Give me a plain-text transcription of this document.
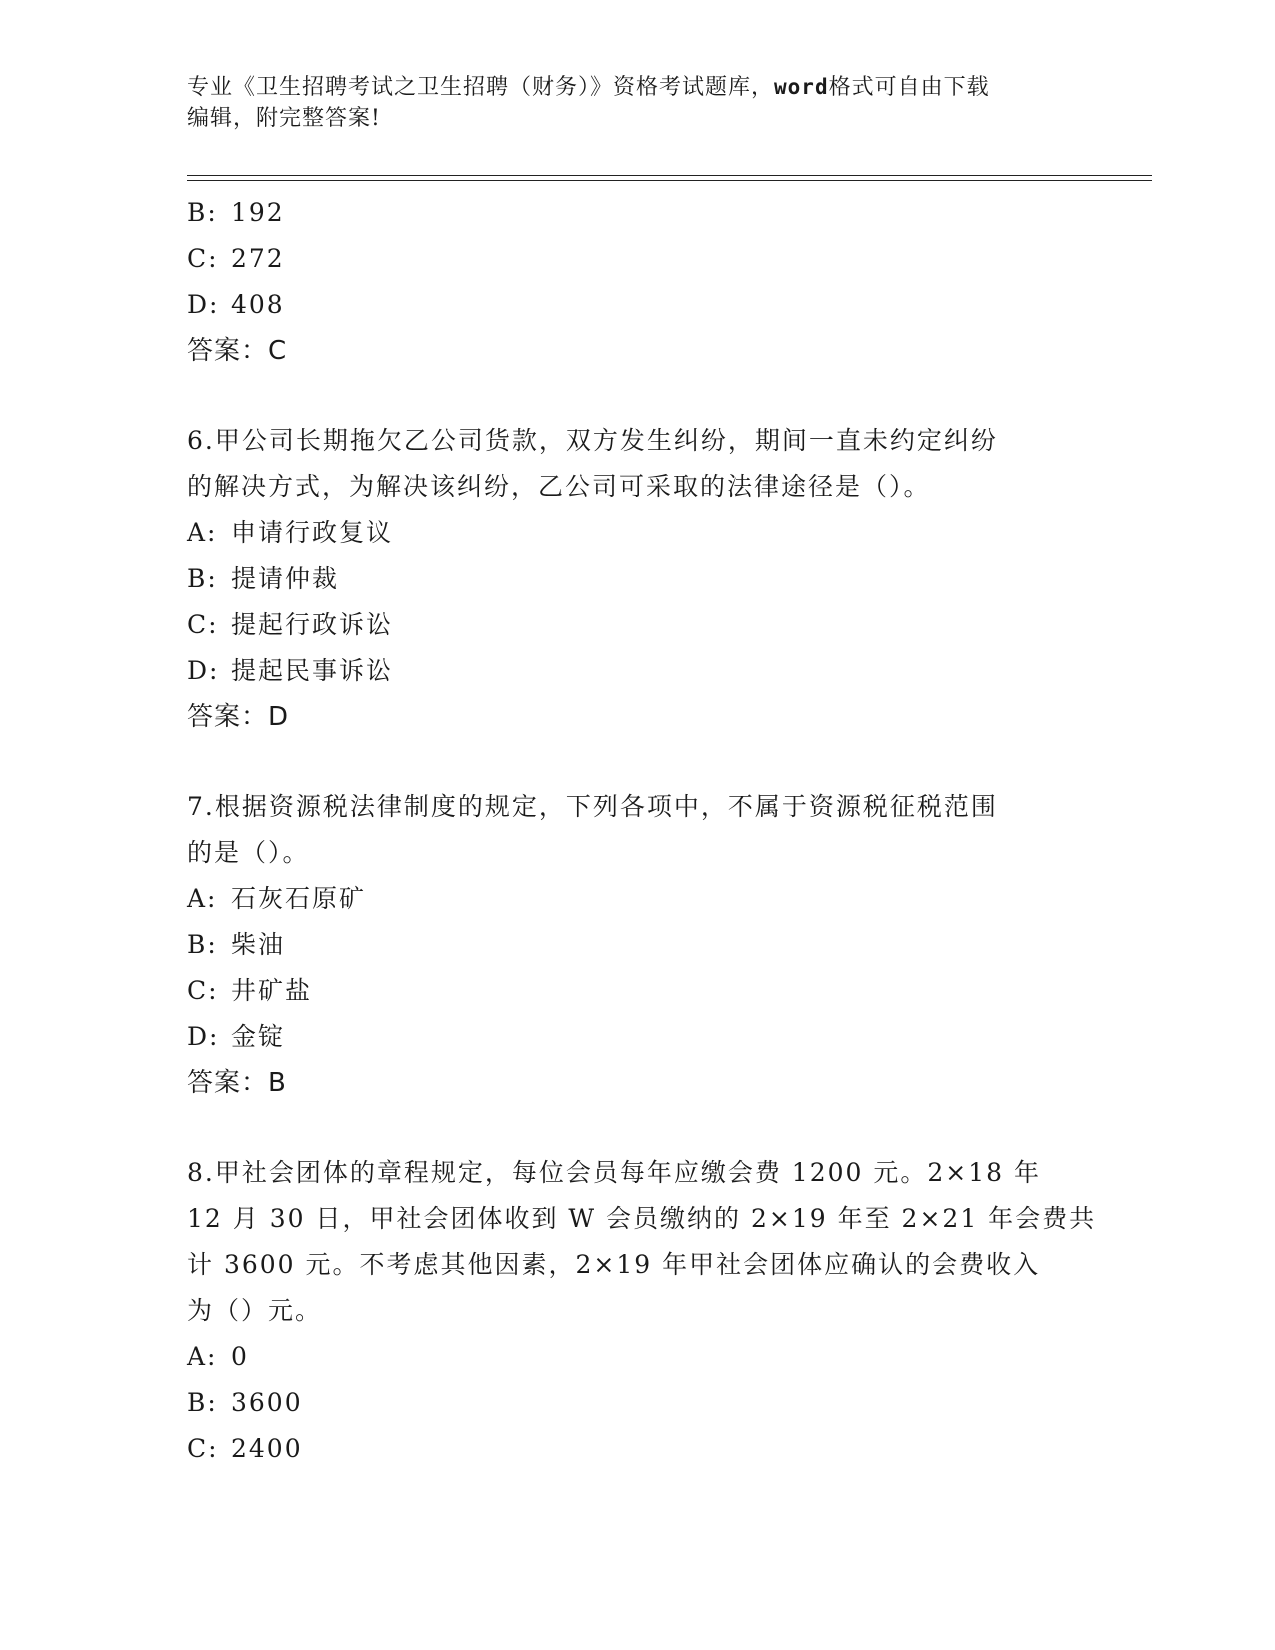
专业《卫生招聘考试之卫生招聘（财务）》资格考试题库，word格式可自由下载
编辑，附完整答案!
B: 192
C: 272
D: 408
答案：C
6.甲公司长期拖欠乙公司货款，双方发生纠纷，期间一直未约定纠纷
的解决方式，为解决该纠纷，乙公司可采取的法律途径是（）。
A: 申请行政复议
B: 提请仲裁
C: 提起行政诉讼
D: 提起民事诉讼
答案：D
7.根据资源税法律制度的规定，下列各项中，不属于资源税征税范围
的是（）。
A: 石灰石原矿
B: 柴油
C: 井矿盐
D: 金锭
答案：B
8.甲社会团体的章程规定，每位会员每年应缴会费 1200 元。2×18 年
12 月 30 日，甲社会团体收到 W 会员缴纳的 2×19 年至 2×21 年会费共
计 3600 元。不考虑其他因素，2×19 年甲社会团体应确认的会费收入
为（）元。
A: 0
B: 3600
C: 2400
